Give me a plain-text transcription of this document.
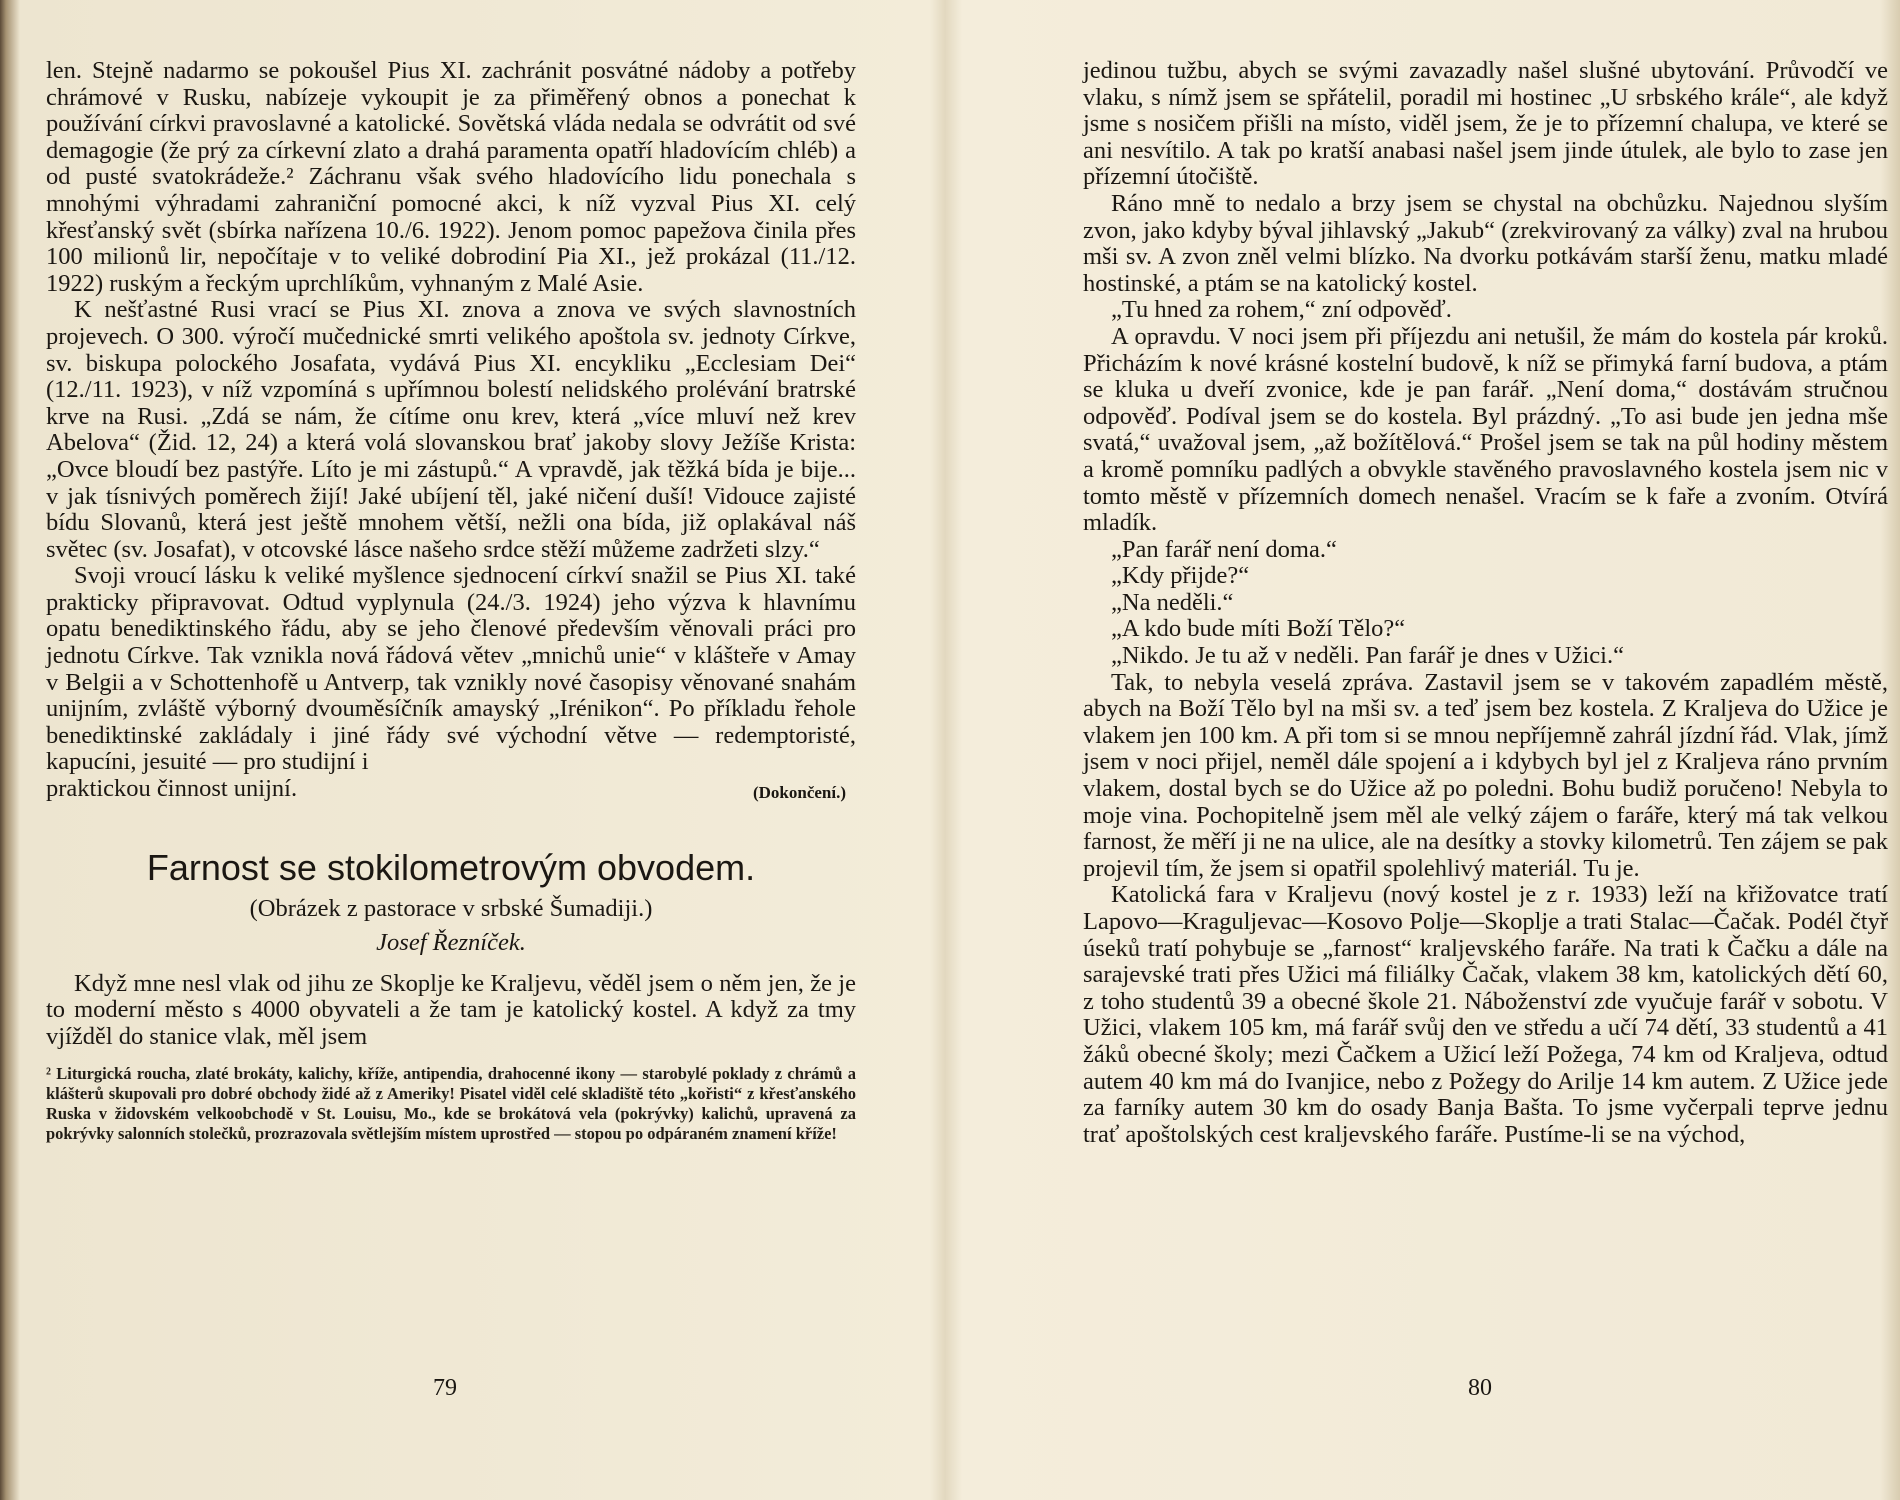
len. Stejně nadarmo se pokoušel Pius XI. zachránit posvátné nádoby a potřeby chrámové v Rusku, nabízeje vykoupit je za přiměřený obnos a ponechat k používání církvi pravoslavné a katolické. Sovětská vláda nedala se odvrátit od své demagogie (že prý za církevní zlato a drahá paramenta opatří hladovícím chléb) a od pusté svatokrádeže.² Záchranu však svého hladovícího lidu ponechala s mnohými výhradami zahraniční pomocné akci, k níž vyzval Pius XI. celý křesťanský svět (sbírka nařízena 10./6. 1922). Jenom pomoc papežova činila přes 100 milionů lir, nepočítaje v to veliké dobrodiní Pia XI., jež prokázal (11./12. 1922) ruským a řeckým uprchlíkům, vyhnaným z Malé Asie.

K nešťastné Rusi vrací se Pius XI. znova a znova ve svých slavnostních projevech. O 300. výročí mučednické smrti velikého apoštola sv. jednoty Církve, sv. biskupa polockého Josafata, vydává Pius XI. encykliku „Ecclesiam Dei“ (12./11. 1923), v níž vzpomíná s upřímnou bolestí nelidského prolévání bratrské krve na Rusi. „Zdá se nám, že cítíme onu krev, která „více mluví než krev Abelova“ (Žid. 12, 24) a která volá slovanskou brať jakoby slovy Ježíše Krista: „Ovce bloudí bez pastýře. Líto je mi zástupů.“ A vpravdě, jak těžká bída je bije... v jak tísnivých poměrech žijí! Jaké ubíjení těl, jaké ničení duší! Vidouce zajisté bídu Slovanů, která jest ještě mnohem větší, nežli ona bída, již oplakával náš světec (sv. Josafat), v otcovské lásce našeho srdce stěží můžeme zadržeti slzy.“

Svoji vroucí lásku k veliké myšlence sjednocení církví snažil se Pius XI. také prakticky připravovat. Odtud vyplynula (24./3. 1924) jeho výzva k hlavnímu opatu benediktinského řádu, aby se jeho členové především věnovali práci pro jednotu Církve. Tak vznikla nová řádová větev „mnichů unie“ v klášteře v Amay v Belgii a v Schottenhofě u Antverp, tak vznikly nové časopisy věnované snahám unijním, zvláště výborný dvouměsíčník amayský „Irénikon“. Po příkladu řehole benediktinské zakládaly i jiné řády své východní větve — redemptoristé, kapucíni, jesuité — pro studijní i

praktickou činnost unijní.	(Dokončení.)

Farnost se stokilometrovým obvodem.

(Obrázek z pastorace v srbské Šumadiji.)

Josef Řezníček.

Když mne nesl vlak od jihu ze Skoplje ke Kraljevu, věděl jsem o něm jen, že je to moderní město s 4000 obyvateli a že tam je katolický kostel. A když za tmy vjížděl do stanice vlak, měl jsem

² Liturgická roucha, zlaté brokáty, kalichy, kříže, antipendia, drahocenné ikony — starobylé poklady z chrámů a klášterů skupovali pro dobré obchody židé až z Ameriky! Pisatel viděl celé skladiště této „kořisti“ z křesťanského Ruska v židovském velkoobchodě v St. Louisu, Mo., kde se brokátová vela (pokrývky) kalichů, upravená za pokrývky salonních stolečků, prozrazovala světlejším místem uprostřed — stopou po odpáraném znamení kříže!
79

jedinou tužbu, abych se svými zavazadly našel slušné ubytování. Průvodčí ve vlaku, s nímž jsem se spřátelil, poradil mi hostinec „U srbského krále“, ale když jsme s nosičem přišli na místo, viděl jsem, že je to přízemní chalupa, ve které se ani nesvítilo. A tak po kratší anabasi našel jsem jinde útulek, ale bylo to zase jen přízemní útočiště.

Ráno mně to nedalo a brzy jsem se chystal na obchůzku. Najednou slyším zvon, jako kdyby býval jihlavský „Jakub“ (zrekvirovaný za války) zval na hrubou mši sv. A zvon zněl velmi blízko. Na dvorku potkávám starší ženu, matku mladé hostinské, a ptám se na katolický kostel.

„Tu hned za rohem,“ zní odpověď.

A opravdu. V noci jsem při příjezdu ani netušil, že mám do kostela pár kroků. Přicházím k nové krásné kostelní budově, k níž se přimyká farní budova, a ptám se kluka u dveří zvonice, kde je pan farář. „Není doma,“ dostávám stručnou odpověď. Podíval jsem se do kostela. Byl prázdný. „To asi bude jen jedna mše svatá,“ uvažoval jsem, „až božítělová.“ Prošel jsem se tak na půl hodiny městem a kromě pomníku padlých a obvykle stavěného pravoslavného kostela jsem nic v tomto městě v přízemních domech nenašel. Vracím se k faře a zvoním. Otvírá mladík.

„Pan farář není doma.“

„Kdy přijde?“

„Na neděli.“

„A kdo bude míti Boží Tělo?“

„Nikdo. Je tu až v neděli. Pan farář je dnes v Užici.“

Tak, to nebyla veselá zpráva. Zastavil jsem se v takovém zapadlém městě, abych na Boží Tělo byl na mši sv. a teď jsem bez kostela. Z Kraljeva do Užice je vlakem jen 100 km. A při tom si se mnou nepříjemně zahrál jízdní řád. Vlak, jímž jsem v noci přijel, neměl dále spojení a i kdybych byl jel z Kraljeva ráno prvním vlakem, dostal bych se do Užice až po poledni. Bohu budiž poručeno! Nebyla to moje vina. Pochopitelně jsem měl ale velký zájem o faráře, který má tak velkou farnost, že měří ji ne na ulice, ale na desítky a stovky kilometrů. Ten zájem se pak projevil tím, že jsem si opatřil spolehlivý materiál. Tu je.

Katolická fara v Kraljevu (nový kostel je z r. 1933) leží na křižovatce tratí Lapovo—Kraguljevac—Kosovo Polje—Skoplje a trati Stalac—Čačak. Podél čtyř úseků tratí pohybuje se „farnost“ kraljevského faráře. Na trati k Čačku a dále na sarajevské trati přes Užici má filiálky Čačak, vlakem 38 km, katolických dětí 60, z toho studentů 39 a obecné škole 21. Náboženství zde vyučuje farář v sobotu. V Užici, vlakem 105 km, má farář svůj den ve středu a učí 74 dětí, 33 studentů a 41 žáků obecné školy; mezi Čačkem a Užicí leží Požega, 74 km od Kraljeva, odtud autem 40 km má do Ivanjice, nebo z Požegy do Arilje 14 km autem. Z Užice jede za farníky autem 30 km do osady Banja Bašta. To jsme vyčerpali teprve jednu trať apoštolských cest kraljevského faráře. Pustíme-li se na východ,

80
